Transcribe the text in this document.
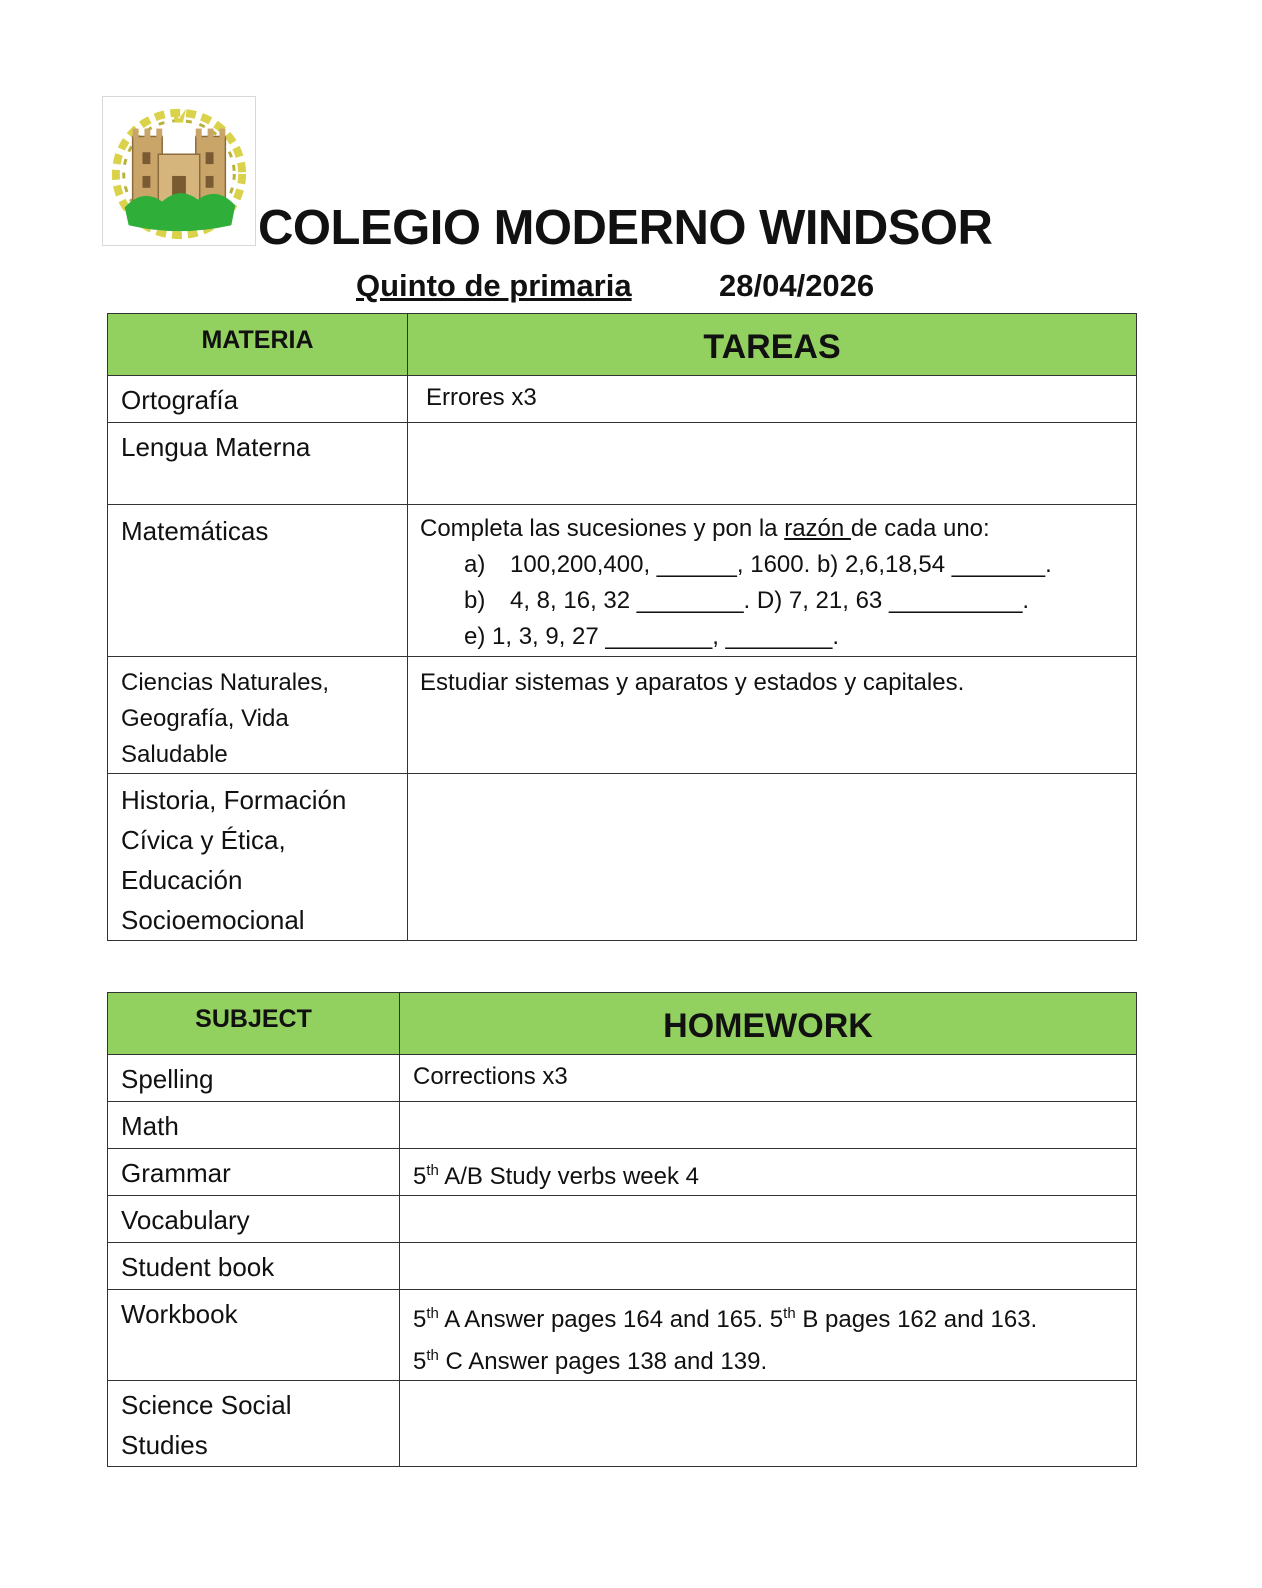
COLEGIO MODERNO WINDSOR
Quinto de primaria	28/04/2026
MATERIA	TAREAS
Ortografía	Errores x3
Lengua Materna	
Matemáticas	Completa las sucesiones y pon la razón de cada uno:
a) 100,200,400, ______, 1600. b) 2,6,18,54 _______.
b) 4, 8, 16, 32 ________. D) 7, 21, 63 __________.
e) 1, 3, 9, 27 ________, ________.

Ciencias Naturales,
Geografía, Vida
Saludable	Estudiar sistemas y aparatos y estados y capitales.

Historia, Formación
Cívica y Ética,
Educación
Socioemocional	

SUBJECT	HOMEWORK
Spelling	Corrections x3
Math	
Grammar	5th A/B Study verbs week 4
Vocabulary	
Student book	
Workbook	5th A Answer pages 164 and 165. 5th B pages 162 and 163.
5th C Answer pages 138 and 139.

Science Social
Studies	
